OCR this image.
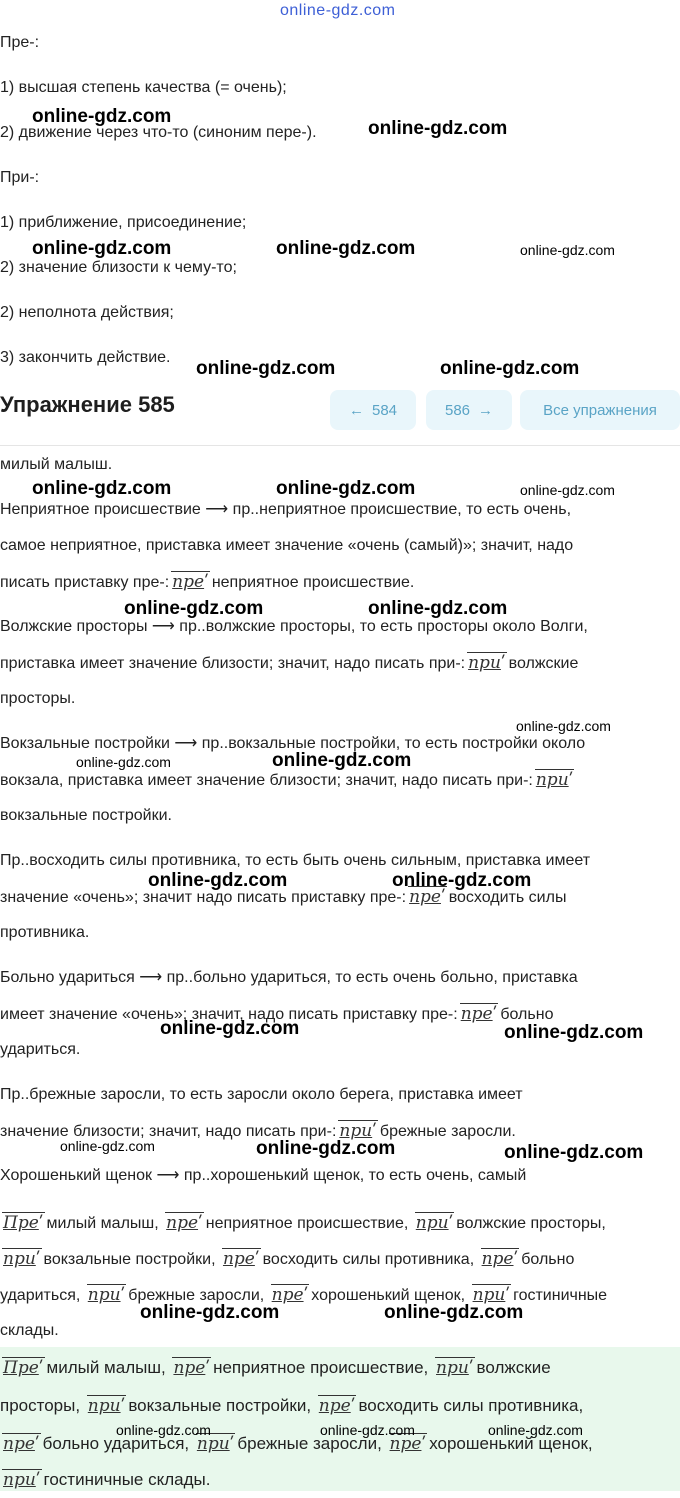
online-gdz.com
Пре-:
1) высшая степень качества (= очень);
2) движение через что-то (синоним пере-).
При-:
1) приближение, присоединение;
2) значение близости к чему-то;
2) неполнота действия;
3) закончить действие.
Упражнение 585	← 584	586 →	Все упражнения
милый малыш.
Неприятное происшествие ⟶ пр..неприятное происшествие, то есть очень,
самое неприятное, приставка имеет значение «очень (самый)»; значит, надо
писать приставку пре-: преʹ неприятное происшествие.
Волжские просторы ⟶ пр..волжские просторы, то есть просторы около Волги,
приставка имеет значение близости; значит, надо писать при-: приʹ волжские
просторы.
Вокзальные постройки ⟶ пр..вокзальные постройки, то есть постройки около
вокзала, приставка имеет значение близости; значит, надо писать при-: приʹ
вокзальные постройки.
Пр..восходить силы противника, то есть быть очень сильным, приставка имеет
значение «очень»; значит надо писать приставку пре-: преʹ восходить силы
противника.
Больно удариться ⟶ пр..больно удариться, то есть очень больно, приставка
имеет значение «очень»; значит, надо писать приставку пре-: преʹ больно
удариться.
Пр..брежные заросли, то есть заросли около берега, приставка имеет
значение близости; значит, надо писать при-: приʹ брежные заросли.
Хорошенький щенок ⟶ пр..хорошенький щенок, то есть очень, самый
Преʹ милый малыш, преʹ неприятное происшествие, приʹ волжские просторы,
приʹ вокзальные постройки, преʹ восходить силы противника, преʹ больно
удариться, приʹ брежные заросли, преʹ хорошенький щенок, приʹ гостиничные
склады.
Преʹ милый малыш, преʹ неприятное происшествие, приʹ волжские
просторы, приʹ вокзальные постройки, преʹ восходить силы противника,
преʹ больно удариться, приʹ брежные заросли, преʹ хорошенький щенок,
приʹ гостиничные склады.
online-gdz.com
online-gdz.com
online-gdz.com	online-gdz.com	online-gdz.com
online-gdz.com	online-gdz.com
online-gdz.com	online-gdz.com	online-gdz.com
online-gdz.com	online-gdz.com
online-gdz.com
online-gdz.com	online-gdz.com
online-gdz.com	online-gdz.com
online-gdz.com	online-gdz.com
online-gdz.com	online-gdz.com	online-gdz.com
online-gdz.com	online-gdz.com
online-gdz.com	online-gdz.com	online-gdz.com
